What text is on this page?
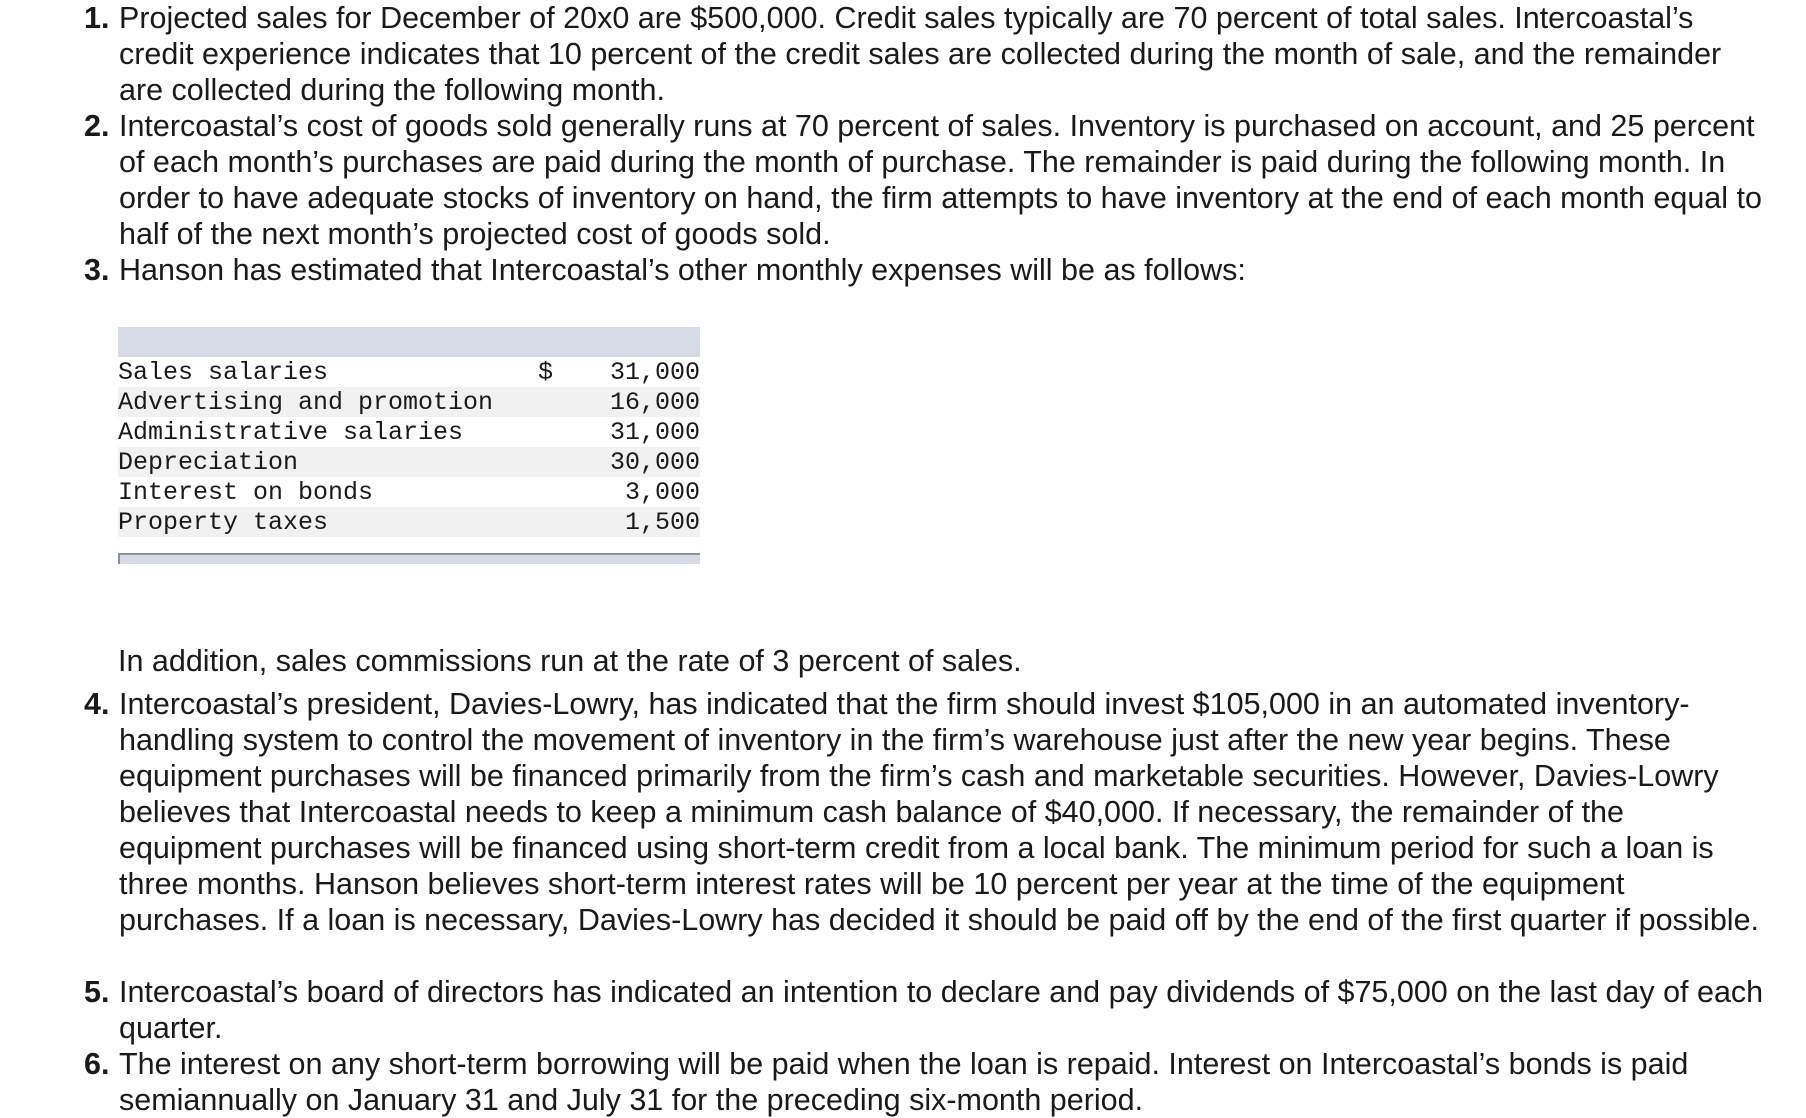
1. Projected sales for December of 20x0 are $500,000. Credit sales typically are 70 percent of total sales. Intercoastal’s credit experience indicates that 10 percent of the credit sales are collected during the month of sale, and the remainder are collected during the following month.
2. Intercoastal’s cost of goods sold generally runs at 70 percent of sales. Inventory is purchased on account, and 25 percent of each month’s purchases are paid during the month of purchase. The remainder is paid during the following month. In order to have adequate stocks of inventory on hand, the firm attempts to have inventory at the end of each month equal to half of the next month’s projected cost of goods sold.
3. Hanson has estimated that Intercoastal’s other monthly expenses will be as follows:
4. Intercoastal’s president, Davies-Lowry, has indicated that the firm should invest $105,000 in an automated inventory-handling system to control the movement of inventory in the firm’s warehouse just after the new year begins. These equipment purchases will be financed primarily from the firm’s cash and marketable securities. However, Davies-Lowry believes that Intercoastal needs to keep a minimum cash balance of $40,000. If necessary, the remainder of the equipment purchases will be financed using short-term credit from a local bank. The minimum period for such a loan is three months. Hanson believes short-term interest rates will be 10 percent per year at the time of the equipment purchases. If a loan is necessary, Davies-Lowry has decided it should be paid off by the end of the first quarter if possible.
5. Intercoastal’s board of directors has indicated an intention to declare and pay dividends of $75,000 on the last day of each quarter.
6. The interest on any short-term borrowing will be paid when the loan is repaid. Interest on Intercoastal’s bonds is paid semiannually on January 31 and July 31 for the preceding six-month period.
Sales salaries	$	31,000
Advertising and promotion		16,000
Administrative salaries		31,000
Depreciation		30,000
Interest on bonds		3,000
Property taxes		1,500

In addition, sales commissions run at the rate of 3 percent of sales.
